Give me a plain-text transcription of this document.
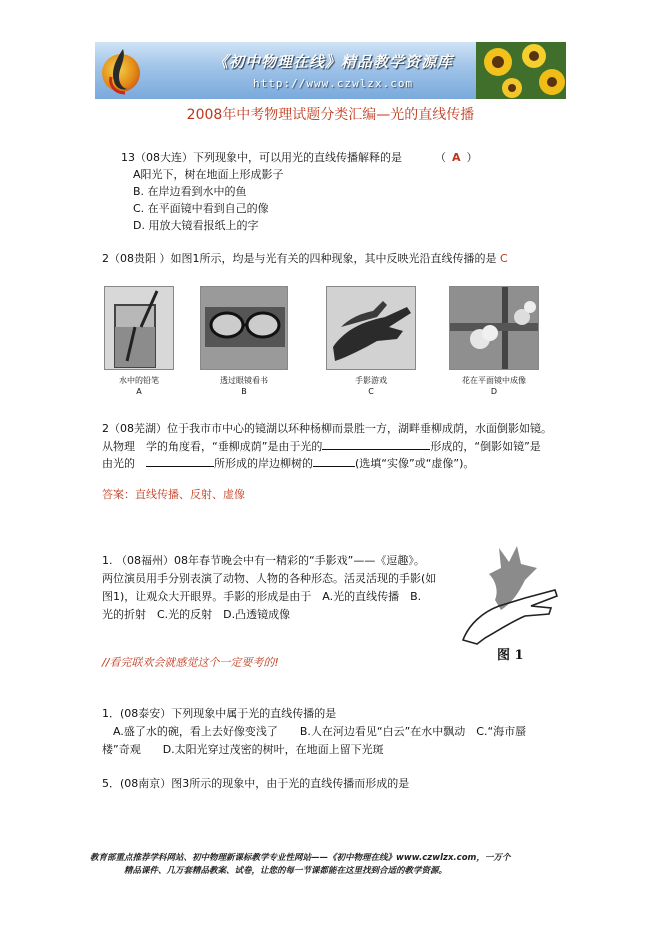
《初中物理在线》精品教学资源库
http://www.czwlzx.com
2008年中考物理试题分类汇编—光的直线传播
13（08大连）下列现象中，可以用光的直线传播解释的是	（ A ）
A阳光下，树在地面上形成影子
B. 在岸边看到水中的鱼
C. 在平面镜中看到自己的像
D. 用放大镜看报纸上的字
2（08贵阳 ）如图1所示，均是与光有关的四种现象，其中反映光沿直线传播的是 C
水中的铅笔
A
透过眼镜看书
B
手影游戏
C
花在平面镜中成像
D
2（08芜湖）位于我市市中心的镜湖以环种杨柳而景胜一方，湖畔垂柳成荫，水面倒影如镜。
从物理　学的角度看，“垂柳成荫”是由于光的	形成的，“倒影如镜”是
由光的　	所形成的岸边柳树的	(选填“实像”或“虚像”)。
答案：直线传播、反射、虚像
1. （08福州）08年春节晚会中有一精彩的“手影戏”——《逗趣》。
两位演员用手分别表演了动物、人物的各种形态。活灵活现的手影(如
图1)，让观众大开眼界。手影的形成是由于　A.光的直线传播　B.
光的折射　C.光的反射　D.凸透镜成像
图 1
//看完联欢会就感觉这个一定要考的!
1．(08泰安）下列现象中属于光的直线传播的是
　A.盛了水的碗，看上去好像变浅了　　B.人在河边看见“白云”在水中飘动　C.“海市蜃
楼”奇观　　D.太阳光穿过茂密的树叶，在地面上留下光斑
5．(08南京）图3所示的现象中，由于光的直线传播而形成的是
教育部重点推荐学科网站、初中物理新课标教学专业性网站——《初中物理在线》www.czwlzx.com，一万个
精品课件、几万套精品教案、试卷，让您的每一节课都能在这里找到合适的教学资源。
